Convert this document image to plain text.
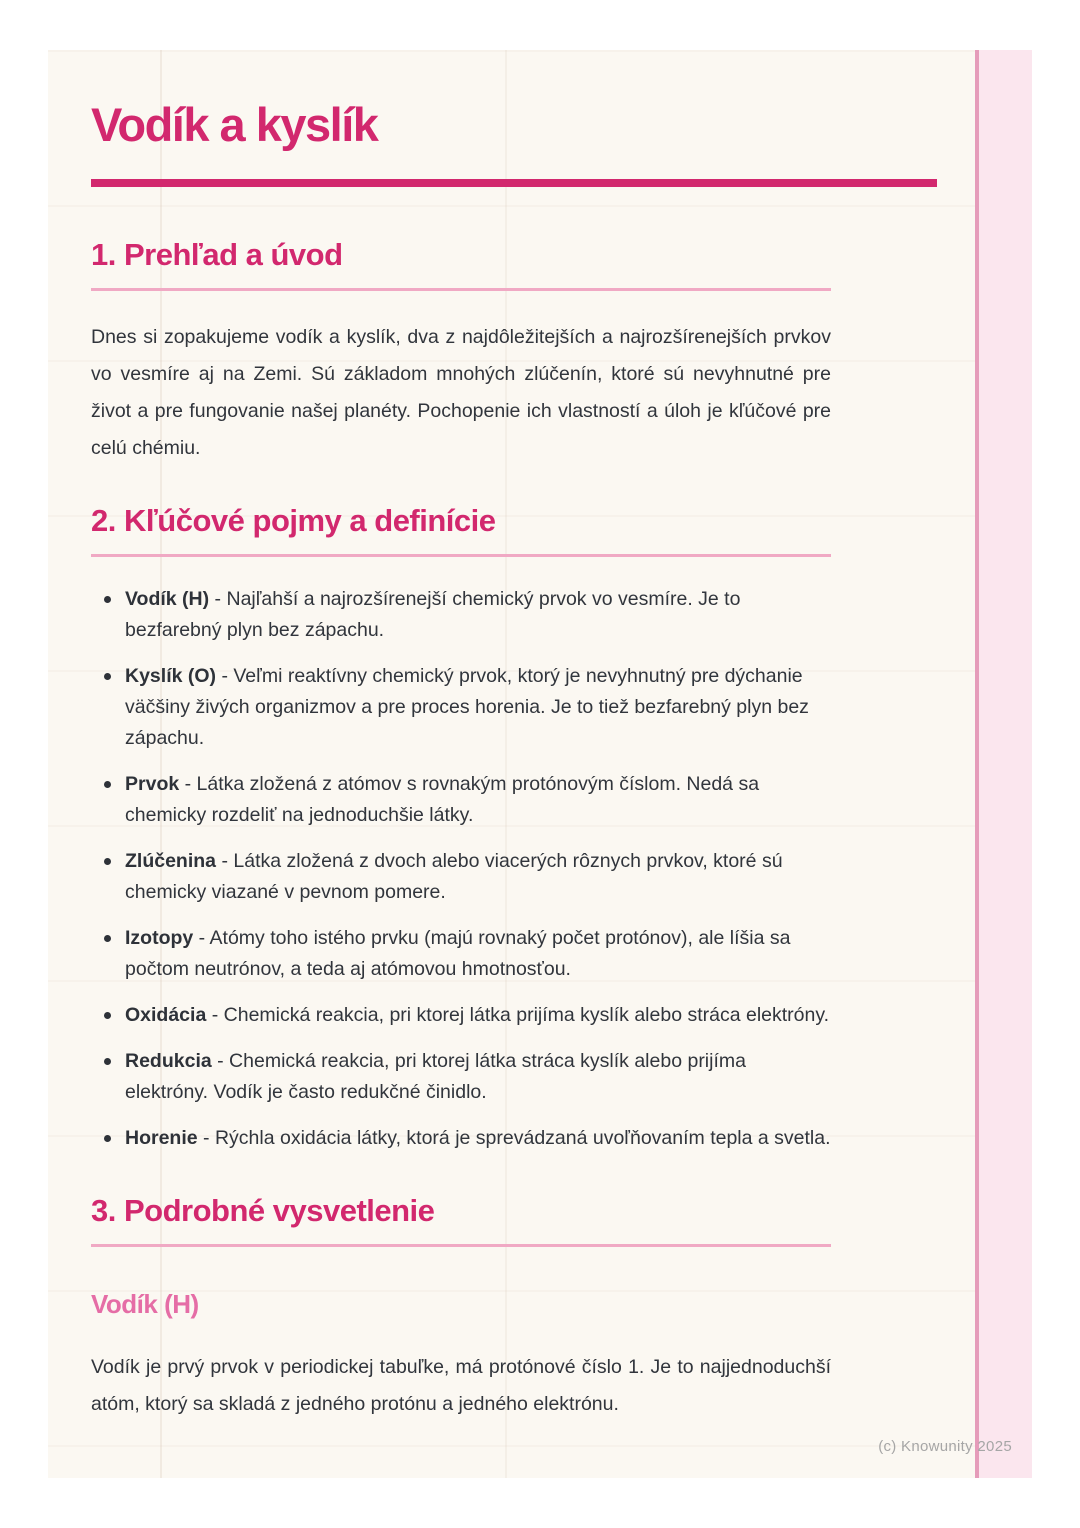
Vodík a kyslík
1. Prehľad a úvod

Dnes si zopakujeme vodík a kyslík, dva z najdôležitejších a najrozšírenejších prvkov vo vesmíre aj na Zemi. Sú základom mnohých zlúčenín, ktoré sú nevyhnutné pre život a pre fungovanie našej planéty. Pochopenie ich vlastností a úloh je kľúčové pre celú chémiu.

2. Kľúčové pojmy a definície
Vodík (H) - Najľahší a najrozšírenejší chemický prvok vo vesmíre. Je to bezfarebný plyn bez zápachu.
Kyslík (O) - Veľmi reaktívny chemický prvok, ktorý je nevyhnutný pre dýchanie väčšiny živých organizmov a pre proces horenia. Je to tiež bezfarebný plyn bez zápachu.
Prvok - Látka zložená z atómov s rovnakým protónovým číslom. Nedá sa chemicky rozdeliť na jednoduchšie látky.
Zlúčenina - Látka zložená z dvoch alebo viacerých rôznych prvkov, ktoré sú chemicky viazané v pevnom pomere.
Izotopy - Atómy toho istého prvku (majú rovnaký počet protónov), ale líšia sa počtom neutrónov, a teda aj atómovou hmotnosťou.
Oxidácia - Chemická reakcia, pri ktorej látka prijíma kyslík alebo stráca elektróny.
Redukcia - Chemická reakcia, pri ktorej látka stráca kyslík alebo prijíma elektróny. Vodík je často redukčné činidlo.
Horenie - Rýchla oxidácia látky, ktorá je sprevádzaná uvoľňovaním tepla a svetla.
3. Podrobné vysvetlenie
Vodík (H)

Vodík je prvý prvok v periodickej tabuľke, má protónové číslo 1. Je to najjednoduchší atóm, ktorý sa skladá z jedného protónu a jedného elektrónu.

(c) Knowunity 2025
